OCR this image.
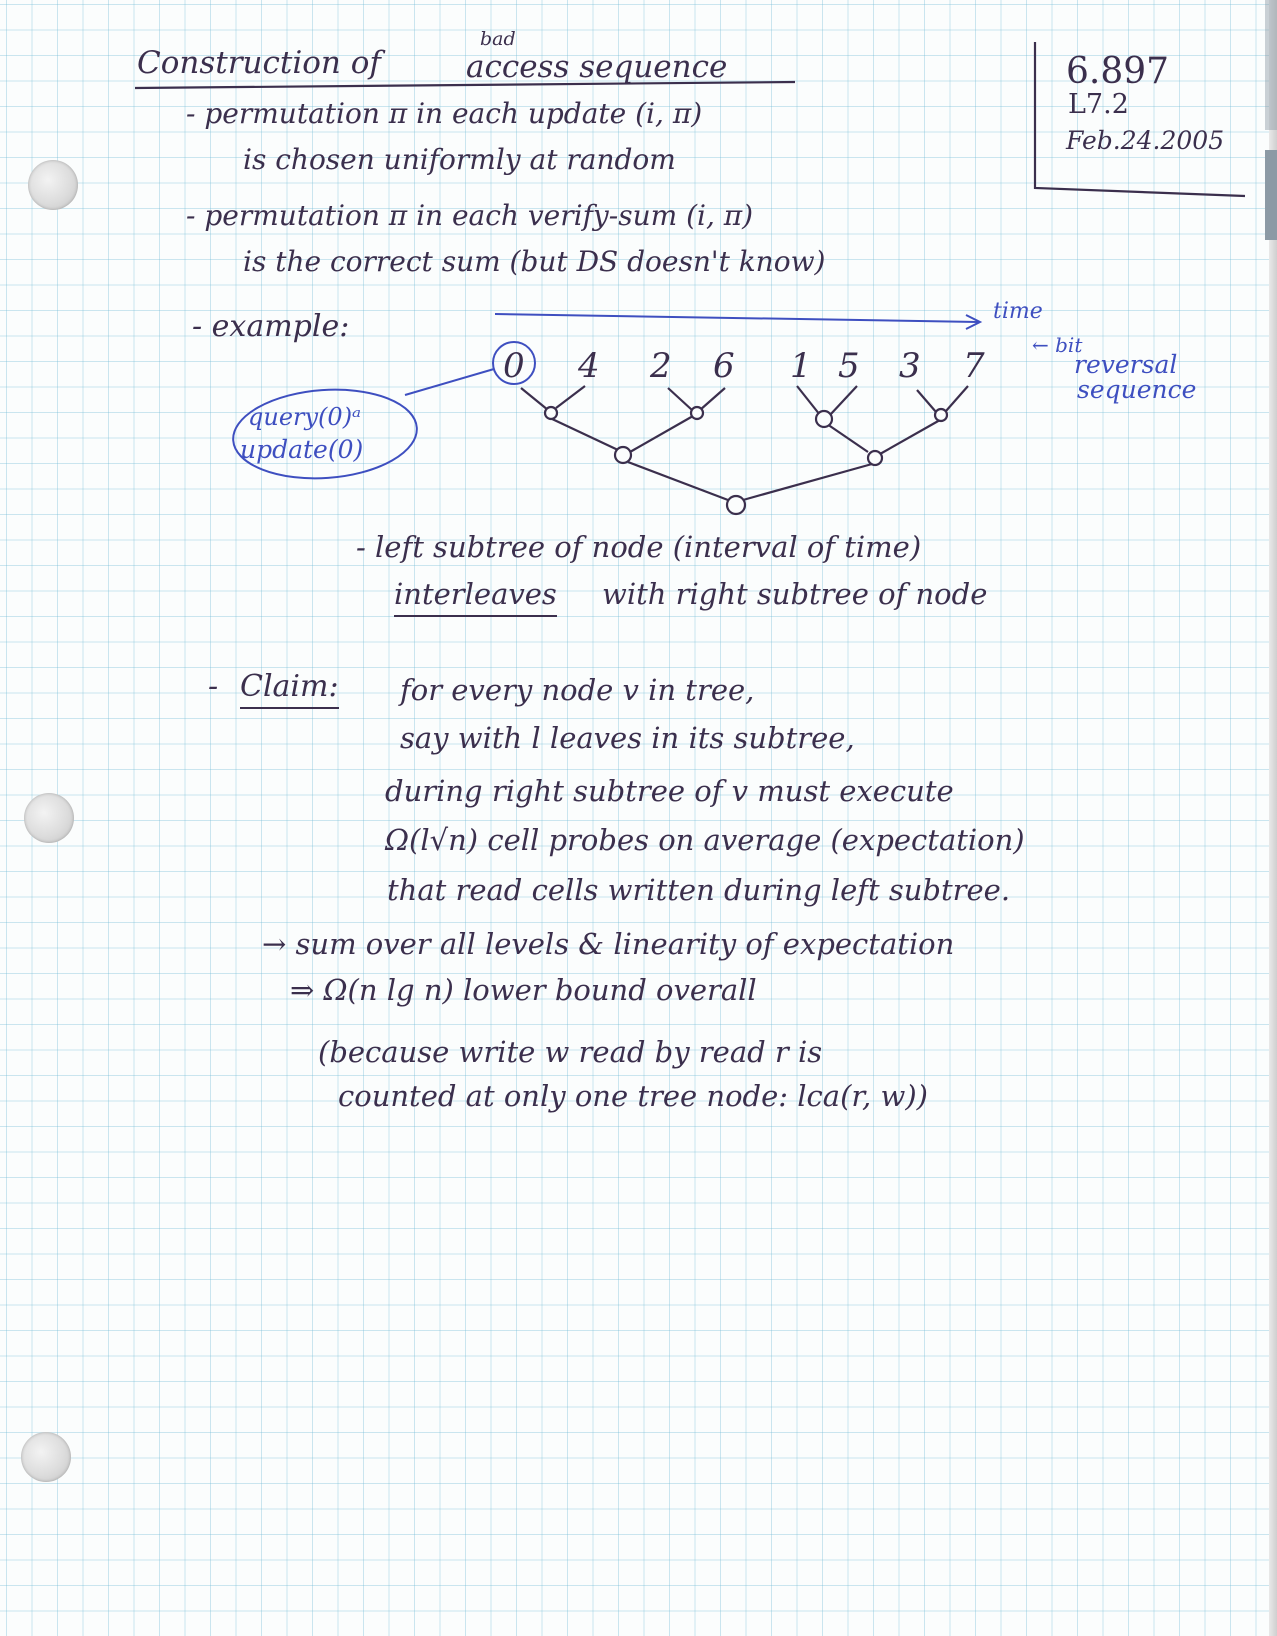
Construction of
bad
access sequence	6.897
L7.2
Feb.24.2005
- permutation π in each update (i, π)
is chosen uniformly at random
- permutation π in each verify-sum (i, π)
is the correct sum (but DS doesn't know)
- example:	time
0 4 2 6 1 5 3 7
← bit
reversal
sequence
query(0)ᵃ
update(0)
- left subtree of node (interval of time)
interleaves with right subtree of node
- Claim: for every node v in tree,
say with l leaves in its subtree,
during right subtree of v must execute
Ω(l√n) cell probes on average (expectation)
that read cells written during left subtree.
→ sum over all levels & linearity of expectation
⇒ Ω(n lg n) lower bound overall
(because write w read by read r is
counted at only one tree node: lca(r, w))
